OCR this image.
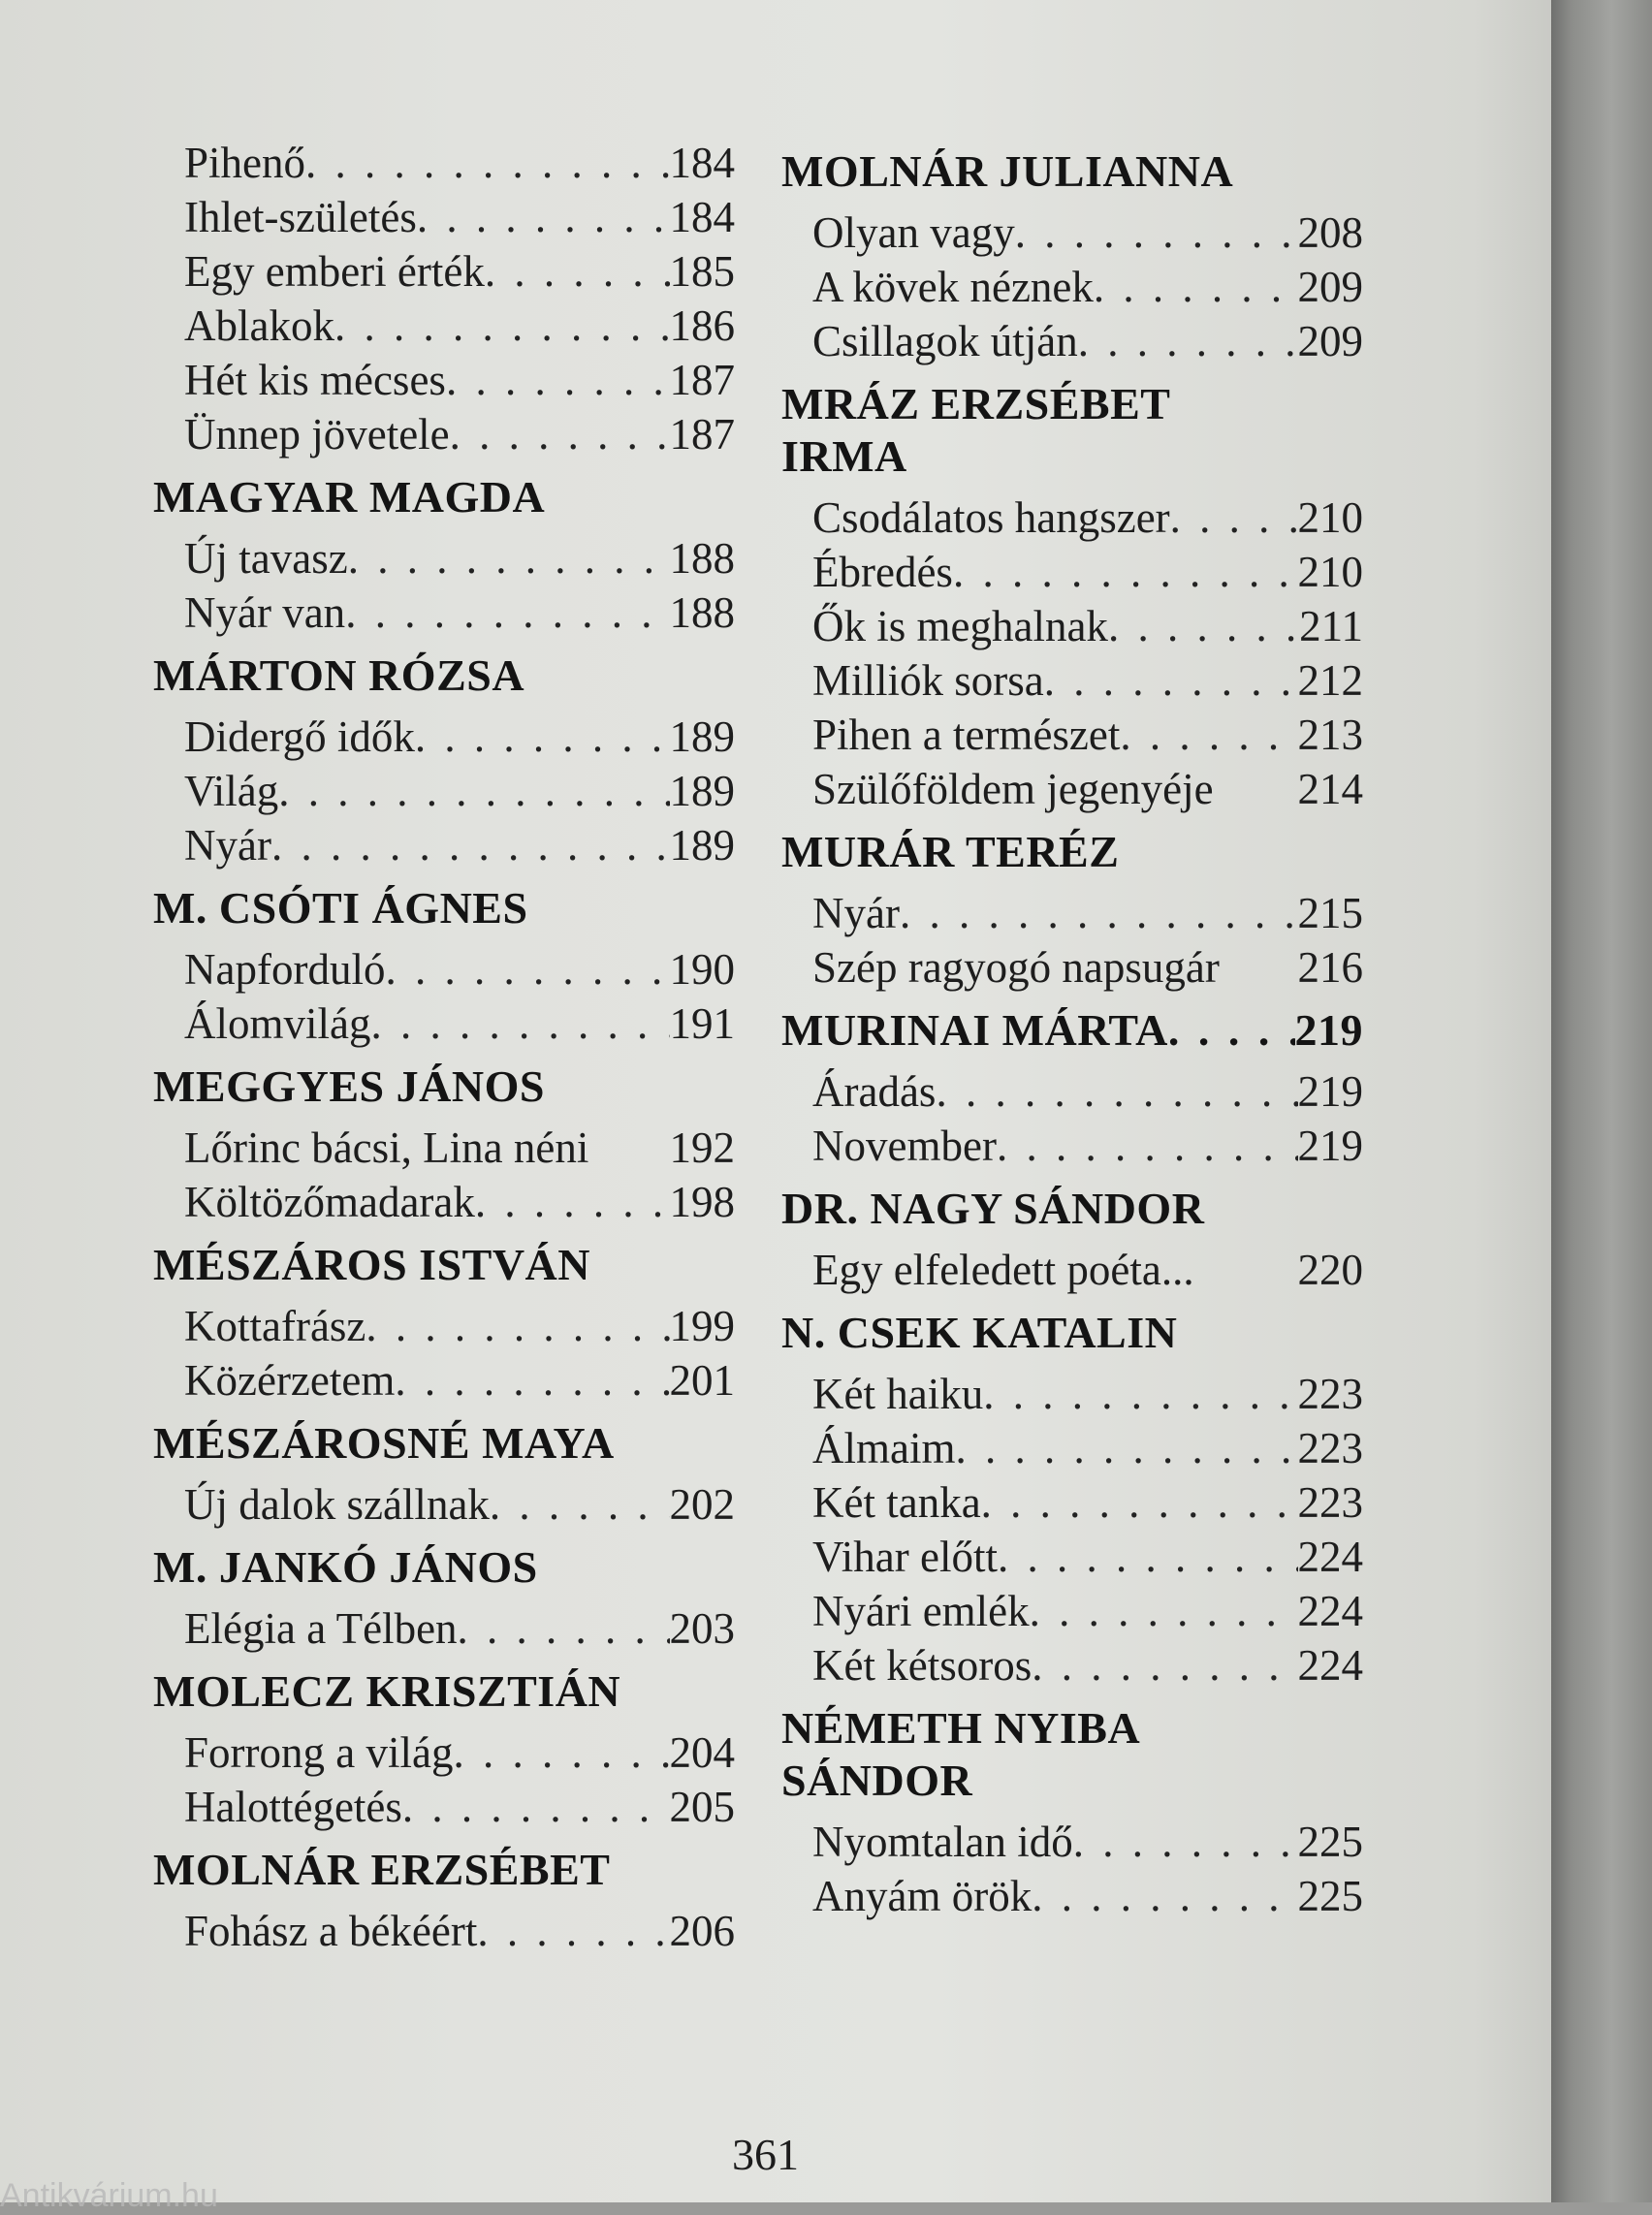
Pihenő . . .	184
Ihlet-születés . . .	184
Egy emberi érték . . .	185
Ablakok . . .	186
Hét kis mécses . . .	187
Ünnep jövetele . . .	187
MAGYAR MAGDA
Új tavasz . . .	188
Nyár van . . .	188
MÁRTON RÓZSA
Didergő idők . . .	189
Világ . . .	189
Nyár . . .	189
M. CSÓTI ÁGNES
Napforduló . . .	190
Álomvilág . . .	191
MEGGYES JÁNOS
Lőrinc bácsi, Lina néni	192
Költözőmadarak . . .	198
MÉSZÁROS ISTVÁN
Kottafrász . . .	199
Közérzetem . . .	201
MÉSZÁROSNÉ MAYA
Új dalok szállnak . . .	202
M. JANKÓ JÁNOS
Elégia a Télben . . .	203
MOLECZ KRISZTIÁN
Forrong a világ . . .	204
Halottégetés . . .	205
MOLNÁR ERZSÉBET
Fohász a békéért . . .	206
MOLNÁR JULIANNA
Olyan vagy . . .	208
A kövek néznek . . .	209
Csillagok útján . . .	209
MRÁZ ERZSÉBET
IRMA
Csodálatos hangszer . . .	210
Ébredés . . .	210
Ők is meghalnak . . .	211
Milliók sorsa . . .	212
Pihen a természet . . .	213
Szülőföldem jegenyéje	214
MURÁR TERÉZ
Nyár . . .	215
Szép ragyogó napsugár	216
MURINAI MÁRTA . . .	219
Áradás . . .	219
November . . .	219
DR. NAGY SÁNDOR
Egy elfeledett poéta...	220
N. CSEK KATALIN
Két haiku . . .	223
Álmaim . . .	223
Két tanka . . .	223
Vihar előtt . . .	224
Nyári emlék . . .	224
Két kétsoros . . .	224
NÉMETH NYIBA
SÁNDOR
Nyomtalan idő . . .	225
Anyám örök . . .	225
361
Antikvárium.hu
